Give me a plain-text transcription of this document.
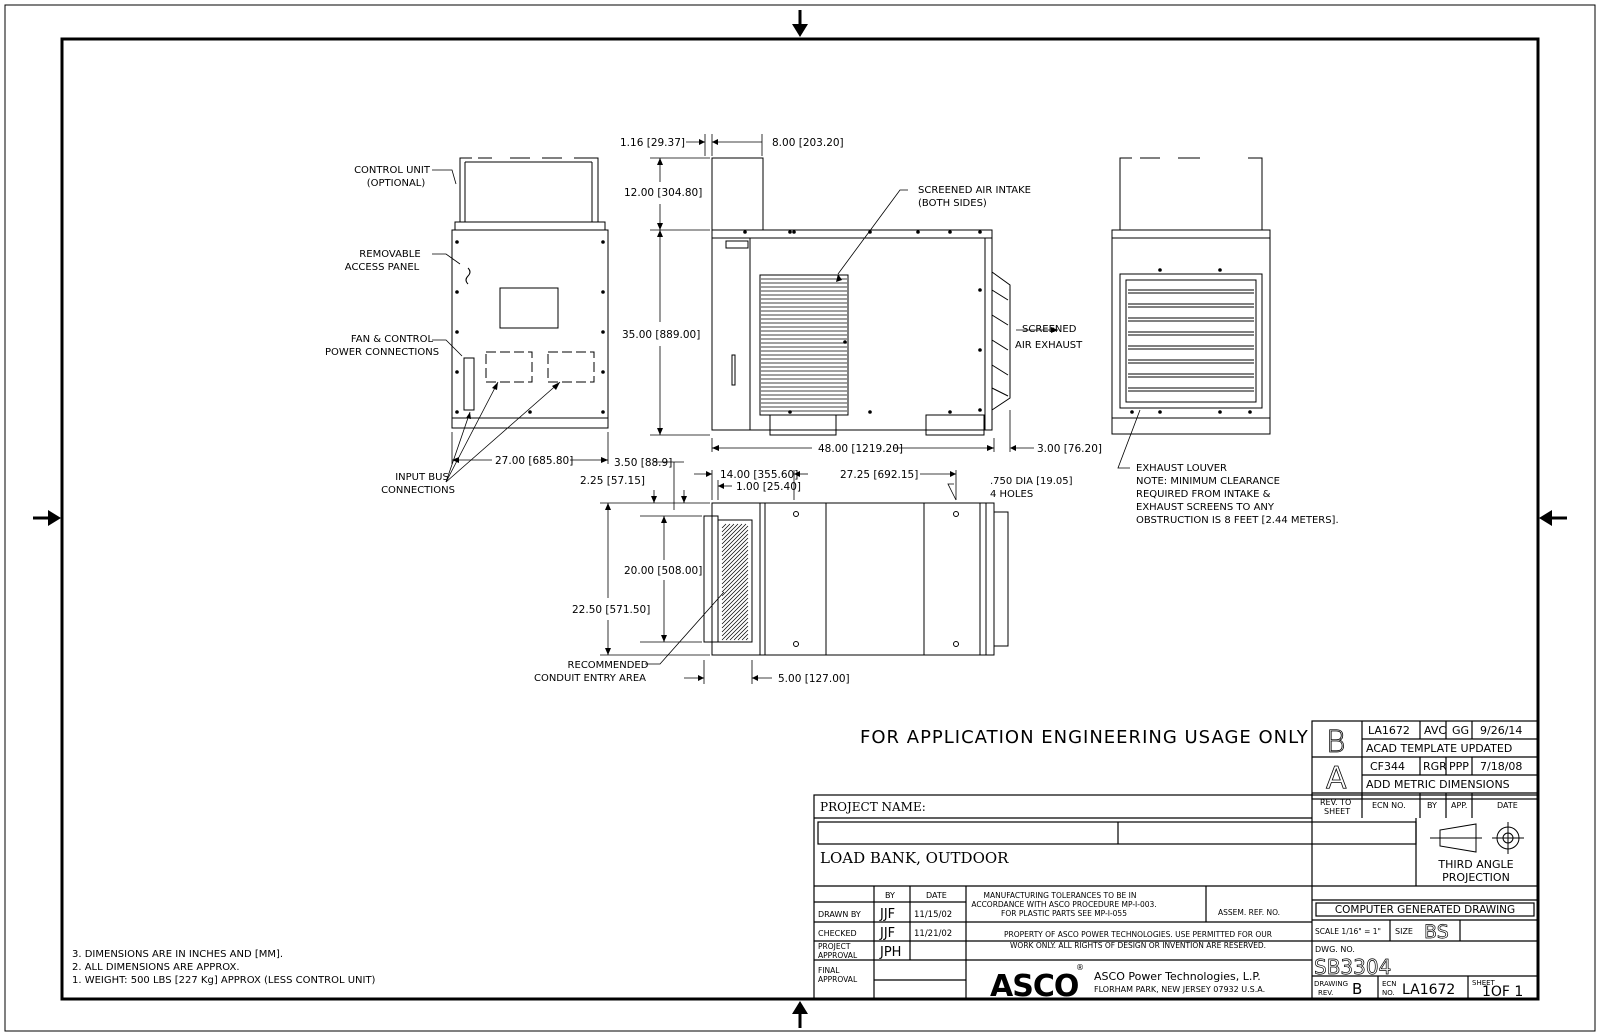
1.16 [29.37]	8.00 [203.20]
12.00 [304.80]
35.00 [889.00]
27.00 [685.80]
48.00 [1219.20]	3.00 [76.20]
3.50 [88.9]
14.00 [355.60]	27.25 [692.15]
1.00 [25.40]
2.25 [57.15]
20.00 [508.00]
22.50 [571.50]
5.00 [127.00]
CONTROL UNIT
(OPTIONAL)
REMOVABLE
ACCESS PANEL
FAN & CONTROL
POWER CONNECTIONS
INPUT BUS
CONNECTIONS
SCREENED AIR INTAKE
(BOTH SIDES)
SCREENED
AIR EXHAUST
RECOMMENDED
CONDUIT ENTRY AREA
.750 DIA [19.05]
4 HOLES
EXHAUST LOUVER
NOTE: MINIMUM CLEARANCE
REQUIRED FROM INTAKE &
EXHAUST SCREENS TO ANY
OBSTRUCTION IS 8 FEET [2.44 METERS].
3. DIMENSIONS ARE IN INCHES AND [MM].
2. ALL DIMENSIONS ARE APPROX.
1. WEIGHT: 500 LBS [227 Kg] APPROX (LESS CONTROL UNIT)
FOR APPLICATION ENGINEERING USAGE ONLY B LA1672 AVC GG 9/26/14
ACAD TEMPLATE UPDATED
A CF344 RGR PPP 7/18/08
ADD METRIC DIMENSIONS
REV. TO
SHEET
ECN NO.	BY APP.	DATE
PROJECT NAME:
LOAD BANK, OUTDOOR	THIRD ANGLE
PROJECTION
BY	DATE
DRAWN BY JJF 11/15/02
CHECKED JJF 11/21/02
PROJECT
APPROVAL JPH
FINAL
APPROVAL
MANUFACTURING TOLERANCES TO BE IN
ACCORDANCE WITH ASCO PROCEDURE MP-I-003.
FOR PLASTIC PARTS SEE MP-I-055	ASSEM. REF. NO.
PROPERTY OF ASCO POWER TECHNOLOGIES. USE PERMITTED FOR OUR
WORK ONLY. ALL RIGHTS OF DESIGN OR INVENTION ARE RESERVED.
ASCO
®
ASCO Power Technologies, L.P.
FLORHAM PARK, NEW JERSEY 07932 U.S.A.
COMPUTER GENERATED DRAWING
SCALE 1/16" = 1" SIZE BS
DWG. NO.
SB3304
DRAWING
REV. B	ECN
NO. LA1672 SHEET
1OF 1
